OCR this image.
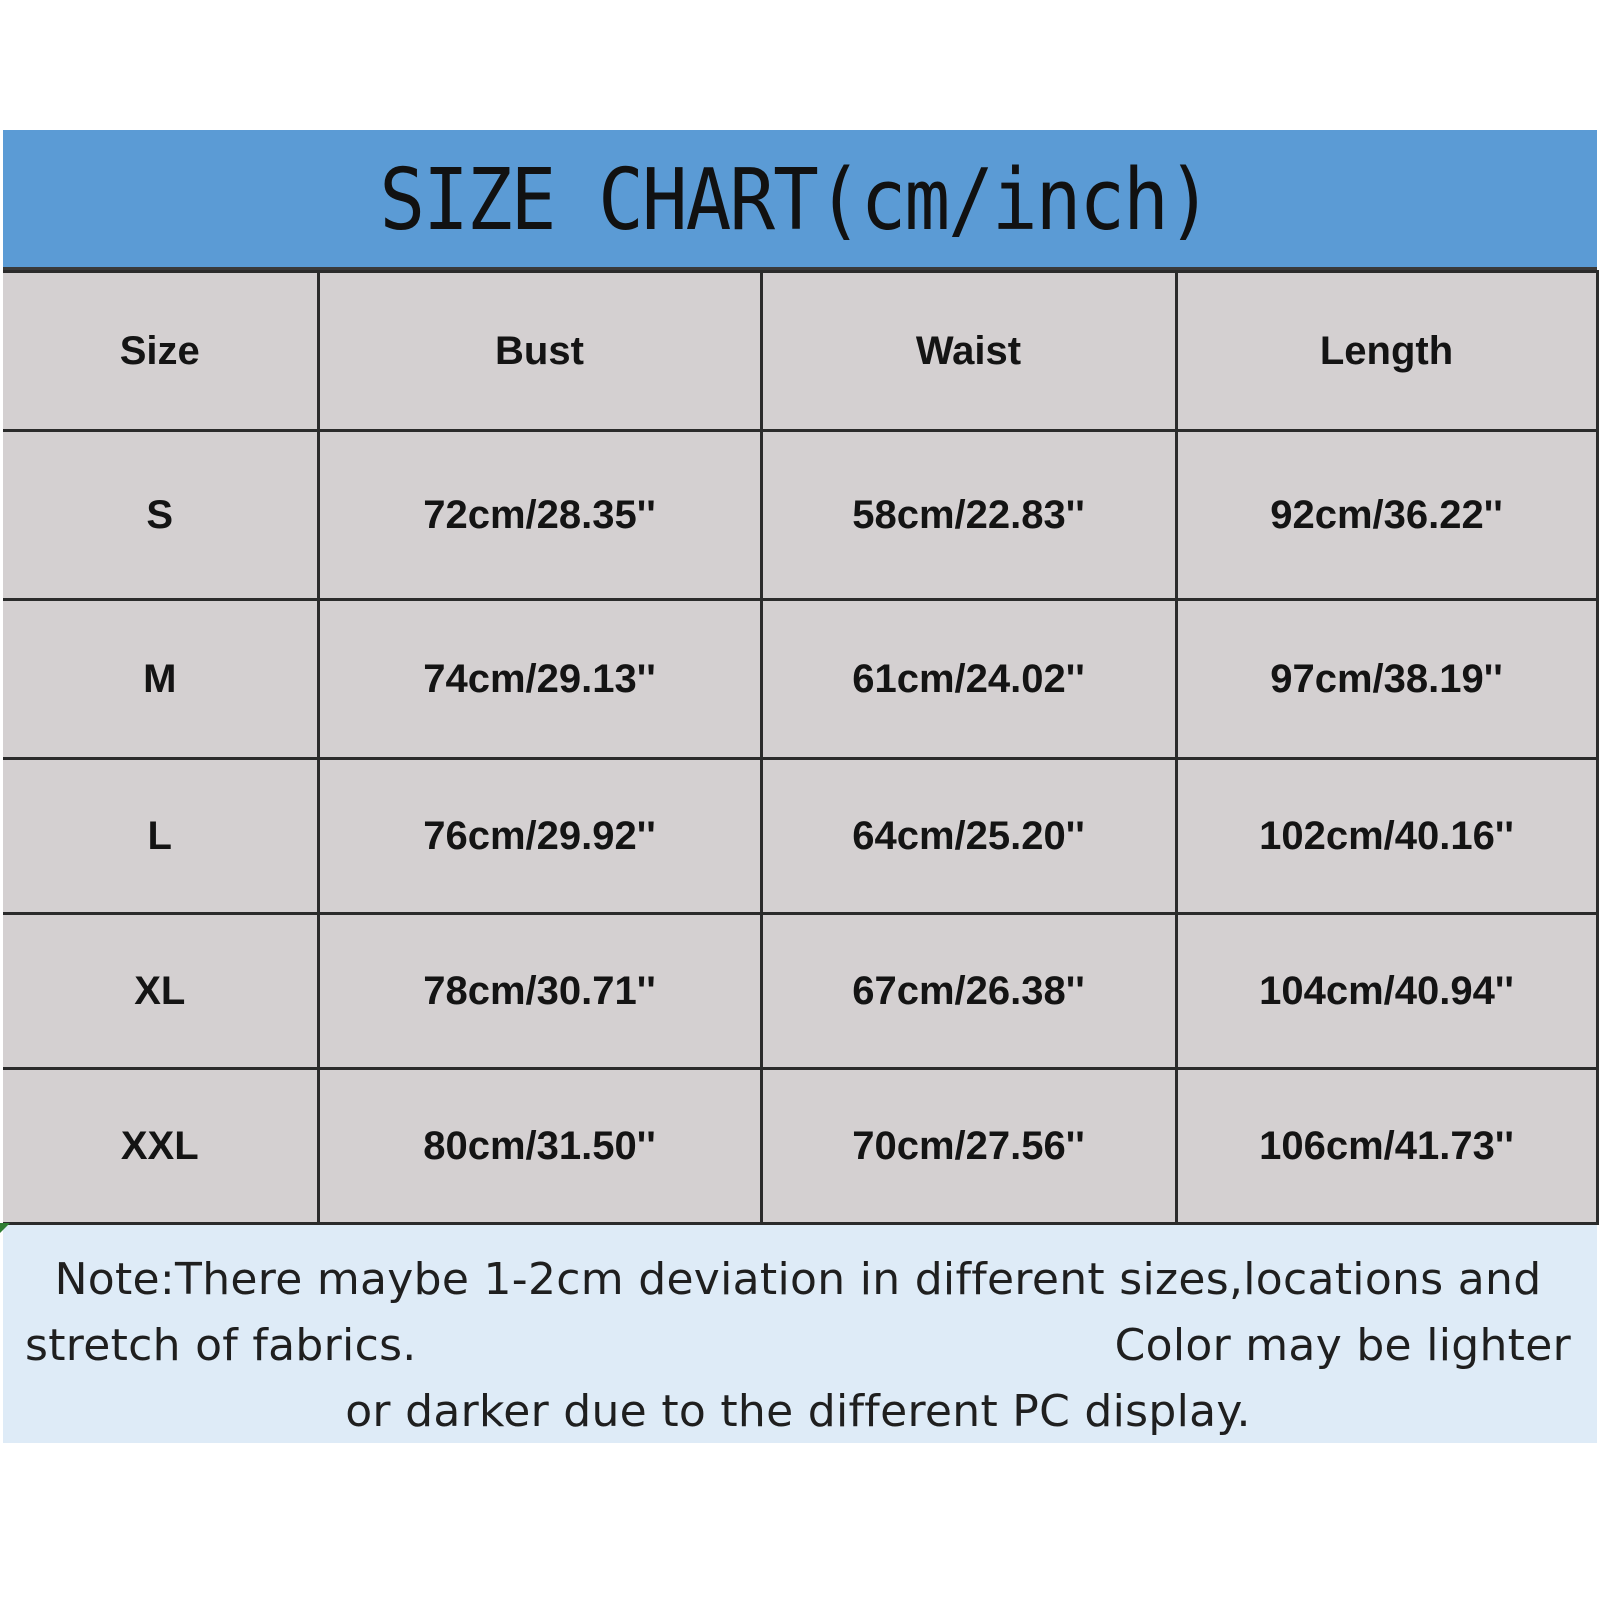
SIZE CHART(cm/inch)
Size	Bust	Waist	Length
S	72cm/28.35''	58cm/22.83''	92cm/36.22''
M	74cm/29.13''	61cm/24.02''	97cm/38.19''
L	76cm/29.92''	64cm/25.20''	102cm/40.16''
XL	78cm/30.71''	67cm/26.38''	104cm/40.94''
XXL	80cm/31.50''	70cm/27.56''	106cm/41.73''
Note:There maybe 1-2cm deviation in different sizes,locations and
stretch of fabrics.	Color may be lighter
or darker due to the different PC display.
